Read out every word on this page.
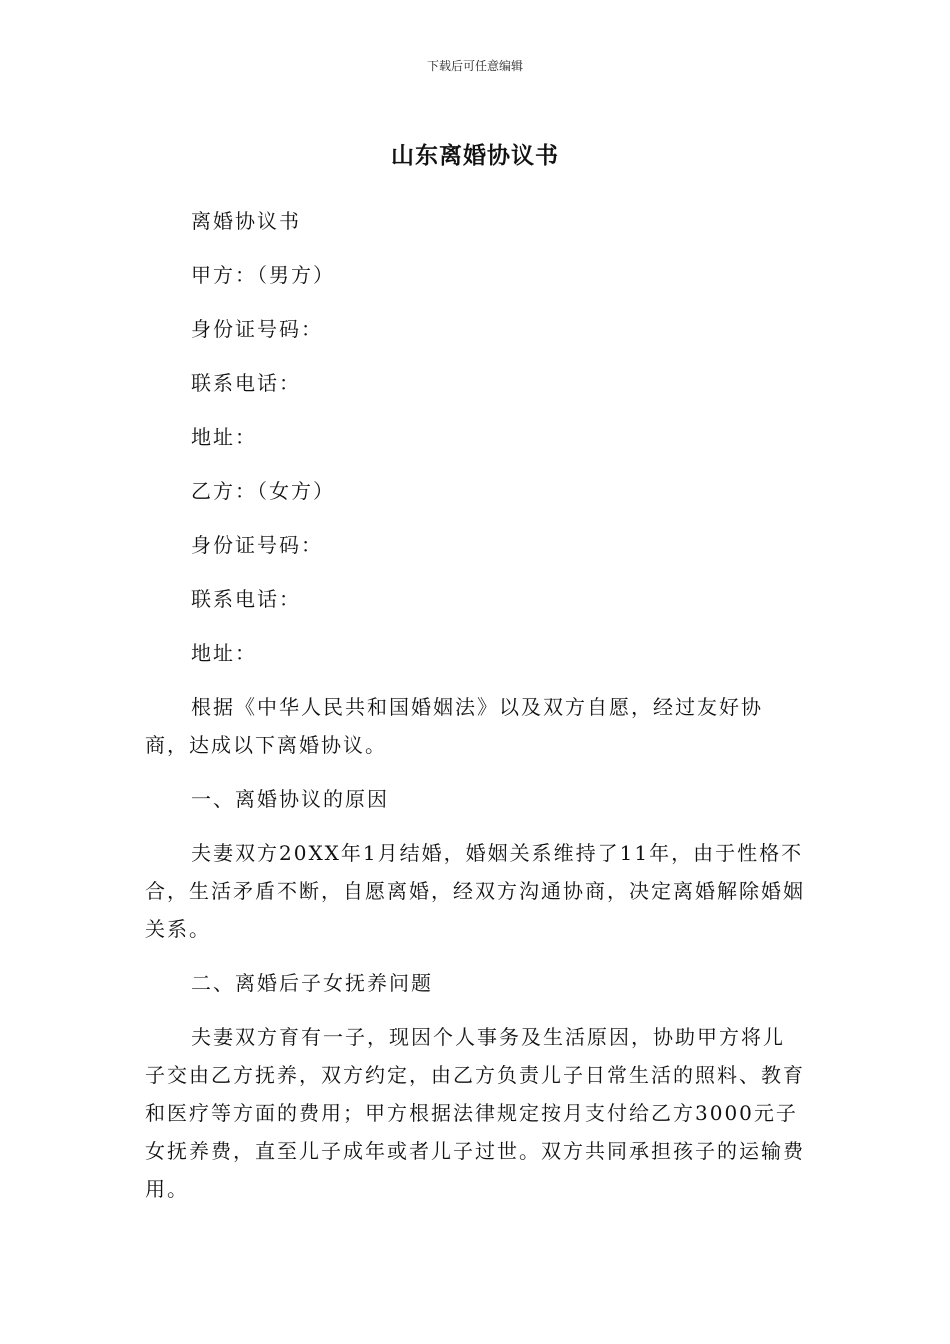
下载后可任意编辑
山东离婚协议书

离婚协议书

甲方：（男方）

身份证号码：

联系电话：

地址：

乙方：（女方）

身份证号码：

联系电话：

地址：

根据《中华人民共和国婚姻法》以及双方自愿，经过友好协商，达成以下离婚协议。

一、离婚协议的原因

夫妻双方20XX年1月结婚，婚姻关系维持了11年，由于性格不合，生活矛盾不断，自愿离婚，经双方沟通协商，决定离婚解除婚姻关系。

二、离婚后子女抚养问题

夫妻双方育有一子，现因个人事务及生活原因，协助甲方将儿子交由乙方抚养，双方约定，由乙方负责儿子日常生活的照料、教育和医疗等方面的费用；甲方根据法律规定按月支付给乙方3000元子女抚养费，直至儿子成年或者儿子过世。双方共同承担孩子的运输费用。
